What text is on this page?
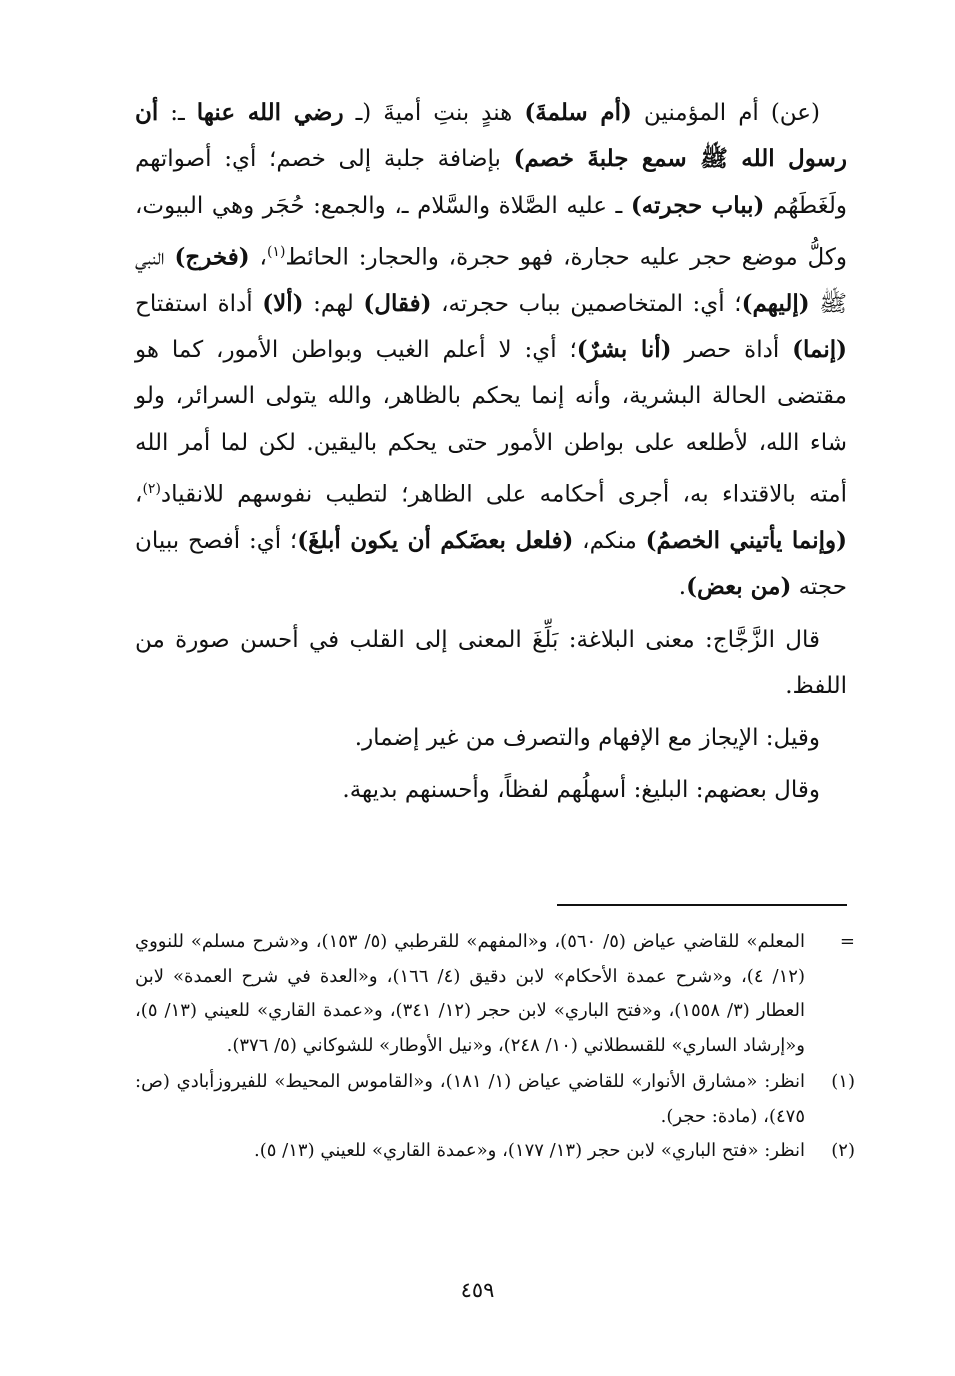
(عن) أم المؤمنين (أم سلمةَ) هندٍ بنتِ أميةَ (ـ رضي الله عنها ـ: أن رسول الله ﷺ سمع جلبةَ خصم) بإضافة جلبة إلى خصم؛ أي: أصواتهم ولَغَطَهُم (بباب حجرته) ـ عليه الصَّلاة والسَّلام ـ، والجمع: حُجَر وهي البيوت، وكلُّ موضع حجر عليه حجارة، فهو حجرة، والحجار: الحائط$^{(١)}$، (فخرج) النبي ﷺ (إليهم)؛ أي: المتخاصمين بباب حجرته، (فقال) لهم: (ألا) أداة استفتاح (إنما) أداة حصر (أنا بشرٌ)؛ أي: لا أعلم الغيب وبواطن الأمور، كما هو مقتضى الحالة البشرية، وأنه إنما يحكم بالظاهر، والله يتولى السرائر، ولو شاء الله، لأطلعه على بواطن الأمور حتى يحكم باليقين. لكن لما أمر الله أمته بالاقتداء به، أجرى أحكامه على الظاهر؛ لتطيب نفوسهم للانقياد$^{(٢)}$، (وإنما يأتيني الخصمُ) منكم، (فلعل بعضَكم أن يكون أبلغَ)؛ أي: أفصح ببيان حجته (من بعض).

قال الزَّجَّاج: معنى البلاغة: بَلِّغَ المعنى إلى القلب في أحسن صورة من اللفظ.

وقيل: الإيجاز مع الإفهام والتصرف من غير إضمار.

وقال بعضهم: البليغ: أسهلُهم لفظاً، وأحسنهم بديهة.

=
المعلم» للقاضي عياض (٥/ ٥٦٠)، و«المفهم» للقرطبي (٥/ ١٥٣)، و«شرح مسلم» للنووي (١٢/ ٤)، و«شرح عمدة الأحكام» لابن دقيق (٤/ ١٦٦)، و«العدة في شرح العمدة» لابن العطار (٣/ ١٥٥٨)، و«فتح الباري» لابن حجر (١٢/ ٣٤١)، و«عمدة القاري» للعيني (١٣/ ٥)، و«إرشاد الساري» للقسطلاني (١٠/ ٢٤٨)، و«نيل الأوطار» للشوكاني (٥/ ٣٧٦).

(١)
انظر: «مشارق الأنوار» للقاضي عياض (١/ ١٨١)، و«القاموس المحيط» للفيروزأبادي (ص: ٤٧٥)، (مادة: حجر).

(٢)
انظر: «فتح الباري» لابن حجر (١٣/ ١٧٧)، و«عمدة القاري» للعيني (١٣/ ٥).

٤٥٩
